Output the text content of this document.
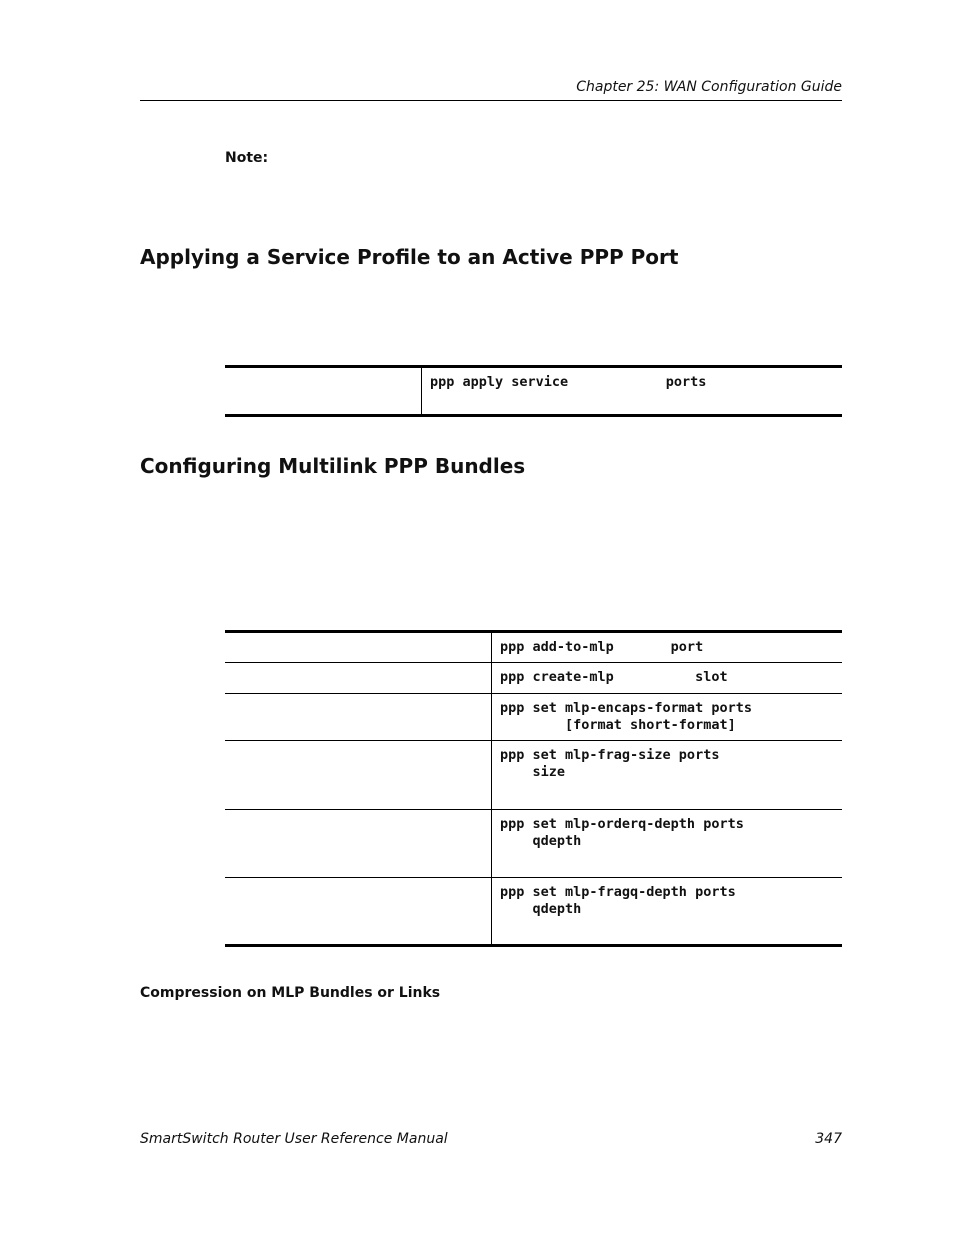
Chapter 25: WAN Configuration Guide
Note:
Applying a Service Profile to an Active PPP Port

ppp apply service            ports
Configuring Multilink PPP Bundles

	ppp add-to-mlp       port

	ppp create-mlp          slot

	ppp set mlp-encaps-format ports
[format short-format]

	ppp set mlp-frag-size ports
size

	ppp set mlp-orderq-depth ports
qdepth

	ppp set mlp-fragq-depth ports
qdepth
Compression on MLP Bundles or Links
SmartSwitch Router User Reference Manual	347
